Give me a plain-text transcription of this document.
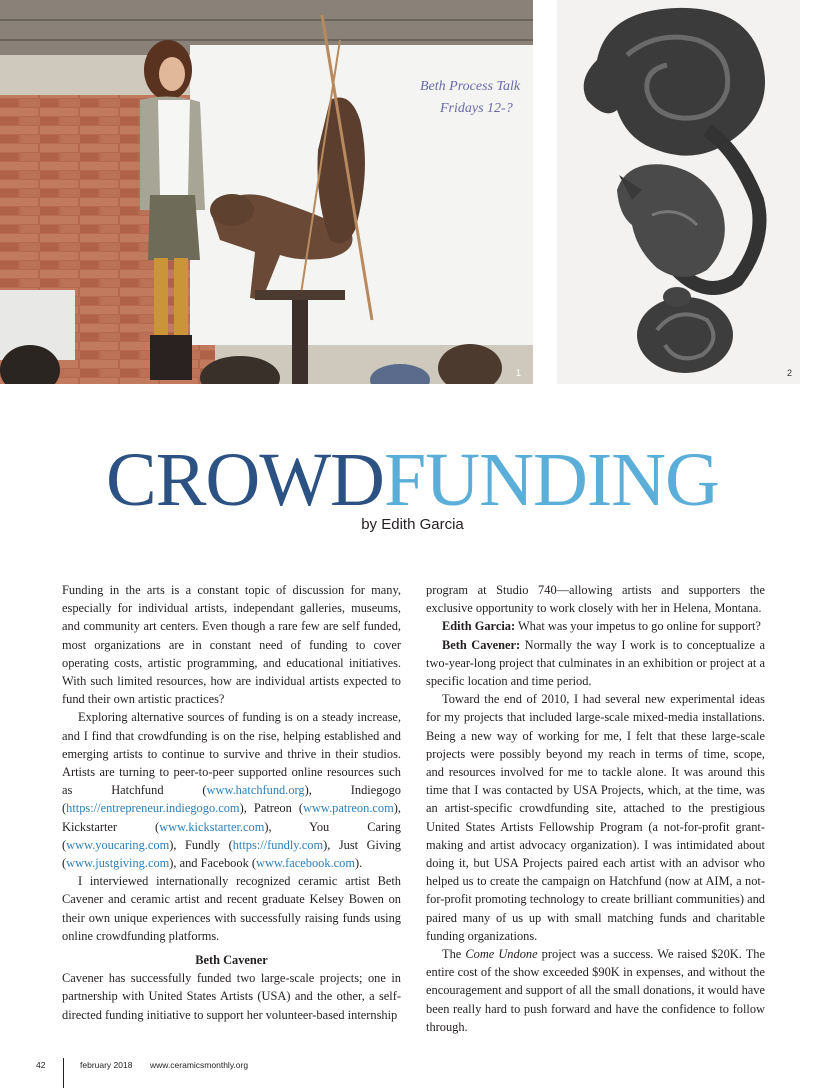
Beth Process Talk
Fridays 12-?
1	2
CROWDFUNDING
by Edith Garcia

Funding in the arts is a constant topic of discussion for many, especially for individual artists, independant galleries, museums, and community art centers. Even though a rare few are self funded, most organizations are in constant need of funding to cover operating costs, artistic programming, and educational initiatives. With such limited resources, how are individual artists expected to fund their own artistic practices?

Exploring alternative sources of funding is on a steady increase, and I find that crowdfunding is on the rise, helping established and emerging artists to continue to survive and thrive in their studios. Artists are turning to peer-to-peer supported online resources such as Hatchfund (www.hatchfund.org), Indiegogo (https://entrepreneur.indiegogo.com), Patreon (www.patreon.com), Kickstarter (www.kickstarter.com), You Caring (www.youcaring.com), Fundly (https://fundly.com), Just Giving (www.justgiving.com), and Facebook (www.facebook.com).

I interviewed internationally recognized ceramic artist Beth Cavener and ceramic artist and recent graduate Kelsey Bowen on their own unique experiences with successfully raising funds using online crowdfunding platforms.

Beth Cavener

Cavener has successfully funded two large-scale projects; one in partnership with United States Artists (USA) and the other, a self-directed funding initiative to support her volunteer-based internship

program at Studio 740—allowing artists and supporters the exclusive opportunity to work closely with her in Helena, Montana.

Edith Garcia: What was your impetus to go online for support?

Beth Cavener: Normally the way I work is to conceptualize a two-year-long project that culminates in an exhibition or project at a specific location and time period.

Toward the end of 2010, I had several new experimental ideas for my projects that included large-scale mixed-media installations. Being a new way of working for me, I felt that these large-scale projects were possibly beyond my reach in terms of time, scope, and resources involved for me to tackle alone. It was around this time that I was contacted by USA Projects, which, at the time, was an artist-specific crowdfunding site, attached to the prestigious United States Artists Fellowship Program (a not-for-profit grant-making and artist advocacy organization). I was intimidated about doing it, but USA Projects paired each artist with an advisor who helped us to create the campaign on Hatchfund (now at AIM, a not-for-profit promoting technology to create brilliant communities) and paired many of us up with small matching funds and charitable funding organizations.

The Come Undone project was a success. We raised $20K. The entire cost of the show exceeded $90K in expenses, and without the encouragement and support of all the small donations, it would have been really hard to push forward and have the confidence to follow through.

42	february 2018 www.ceramicsmonthly.org
